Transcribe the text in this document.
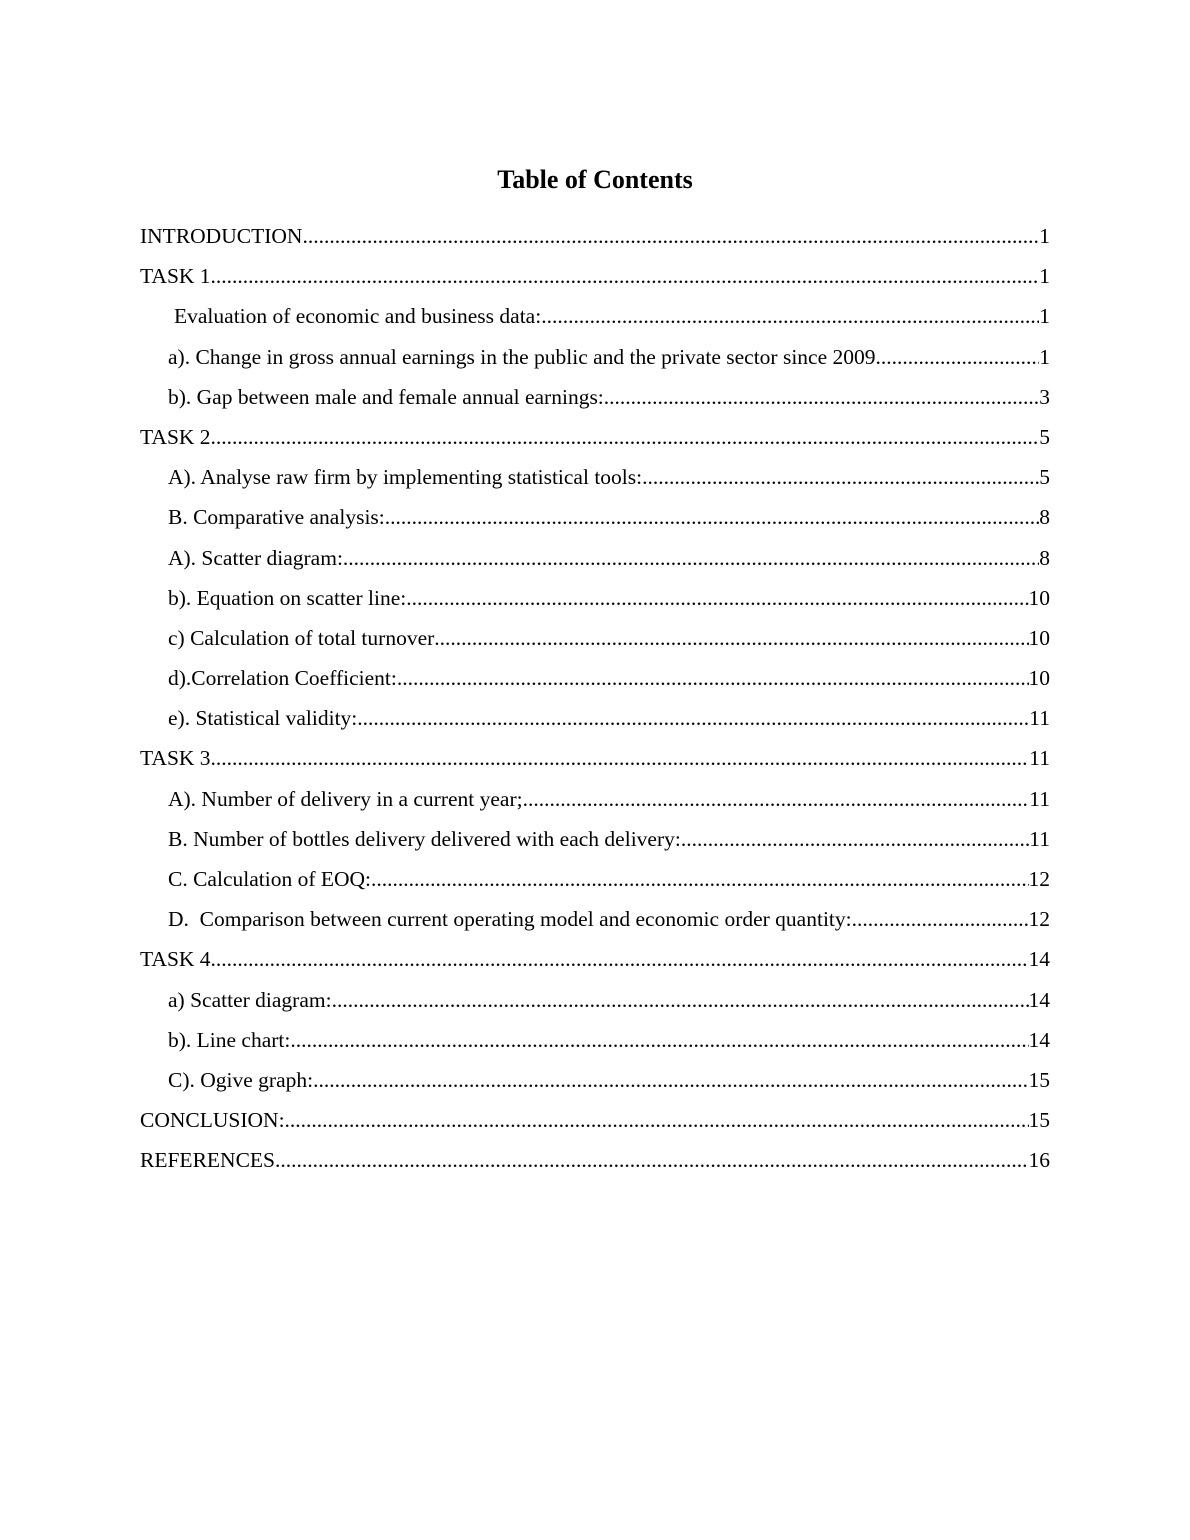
Table of Contents
INTRODUCTION .....	1
TASK 1 .....	1
Evaluation of economic and business data: .....	1
a). Change in gross annual earnings in the public and the private sector since 2009 .....	1
b). Gap between male and female annual earnings: .....	3
TASK 2 .....	5
A). Analyse raw firm by implementing statistical tools: .....	5
B. Comparative analysis: .....	8
A). Scatter diagram: .....	8
b). Equation on scatter line: .....	10
c) Calculation of total turnover .....	10
d).Correlation Coefficient: .....	10
e). Statistical validity: .....	11
TASK 3 .....	11
A). Number of delivery in a current year; .....	11
B. Number of bottles delivery delivered with each delivery: .....	11
C. Calculation of EOQ: .....	12
D.  Comparison between current operating model and economic order quantity: .....	12
TASK 4 .....	14
a) Scatter diagram: .....	14
b). Line chart: .....	14
C). Ogive graph: .....	15
CONCLUSION: .....	15
REFERENCES .....	16
